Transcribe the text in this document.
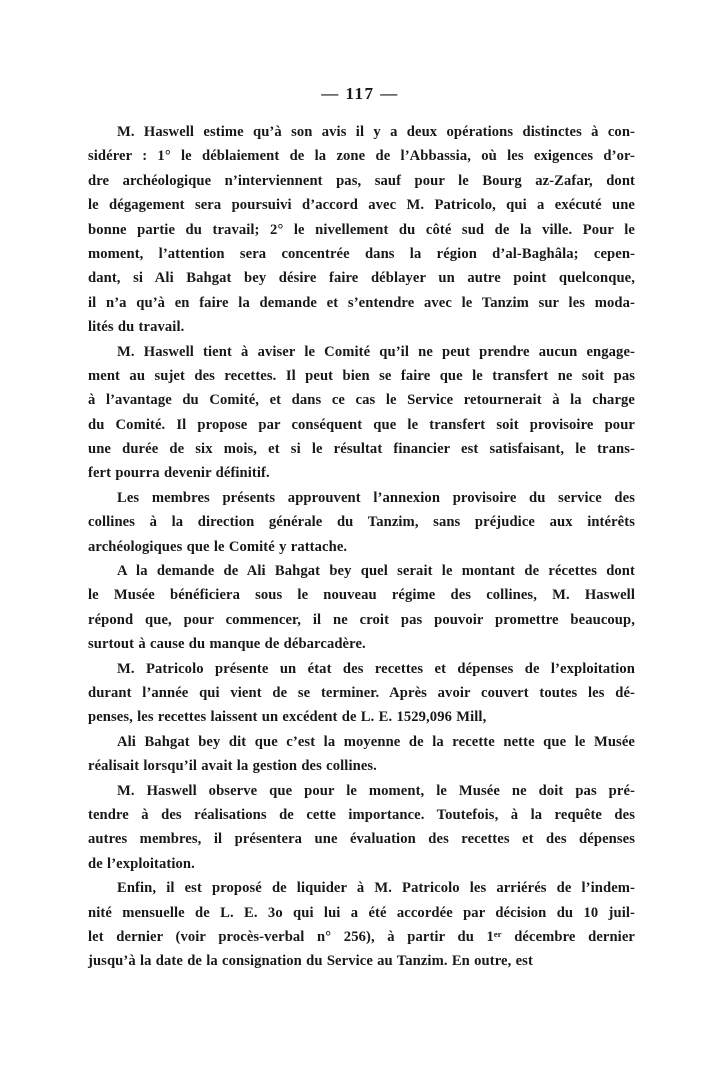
— 117 —
M. Haswell estime qu’à son avis il y a deux opérations distinctes à con-
sidérer : 1° le déblaiement de la zone de l’Abbassia, où les exigences d’or-
dre archéologique n’interviennent pas, sauf pour le Bourg az-Zafar, dont
le dégagement sera poursuivi d’accord avec M. Patricolo, qui a exécuté une
bonne partie du travail; 2° le nivellement du côté sud de la ville. Pour le
moment, l’attention sera concentrée dans la région d’al-Baghâla; cepen-
dant, si Ali Bahgat bey désire faire déblayer un autre point quelconque,
il n’a qu’à en faire la demande et s’entendre avec le Tanzim sur les moda-
lités du travail.
M. Haswell tient à aviser le Comité qu’il ne peut prendre aucun engage-
ment au sujet des recettes. Il peut bien se faire que le transfert ne soit pas
à l’avantage du Comité, et dans ce cas le Service retournerait à la charge
du Comité. Il propose par conséquent que le transfert soit provisoire pour
une durée de six mois, et si le résultat financier est satisfaisant, le trans-
fert pourra devenir définitif.
Les membres présents approuvent l’annexion provisoire du service des
collines à la direction générale du Tanzim, sans préjudice aux intérêts
archéologiques que le Comité y rattache.
A la demande de Ali Bahgat bey quel serait le montant de récettes dont
le Musée bénéficiera sous le nouveau régime des collines, M. Haswell
répond que, pour commencer, il ne croit pas pouvoir promettre beaucoup,
surtout à cause du manque de débarcadère.
M. Patricolo présente un état des recettes et dépenses de l’exploitation
durant l’année qui vient de se terminer. Après avoir couvert toutes les dé-
penses, les recettes laissent un excédent de L. E. 1529,096 Mill,
Ali Bahgat bey dit que c’est la moyenne de la recette nette que le Musée
réalisait lorsqu’il avait la gestion des collines.
M. Haswell observe que pour le moment, le Musée ne doit pas pré-
tendre à des réalisations de cette importance. Toutefois, à la requête des
autres membres, il présentera une évaluation des recettes et des dépenses
de l’exploitation.
Enfin, il est proposé de liquider à M. Patricolo les arriérés de l’indem-
nité mensuelle de L. E. 3o qui lui a été accordée par décision du 10 juil-
let dernier (voir procès-verbal n° 256), à partir du 1ᵉʳ décembre dernier
jusqu’à la date de la consignation du Service au Tanzim. En outre, est
